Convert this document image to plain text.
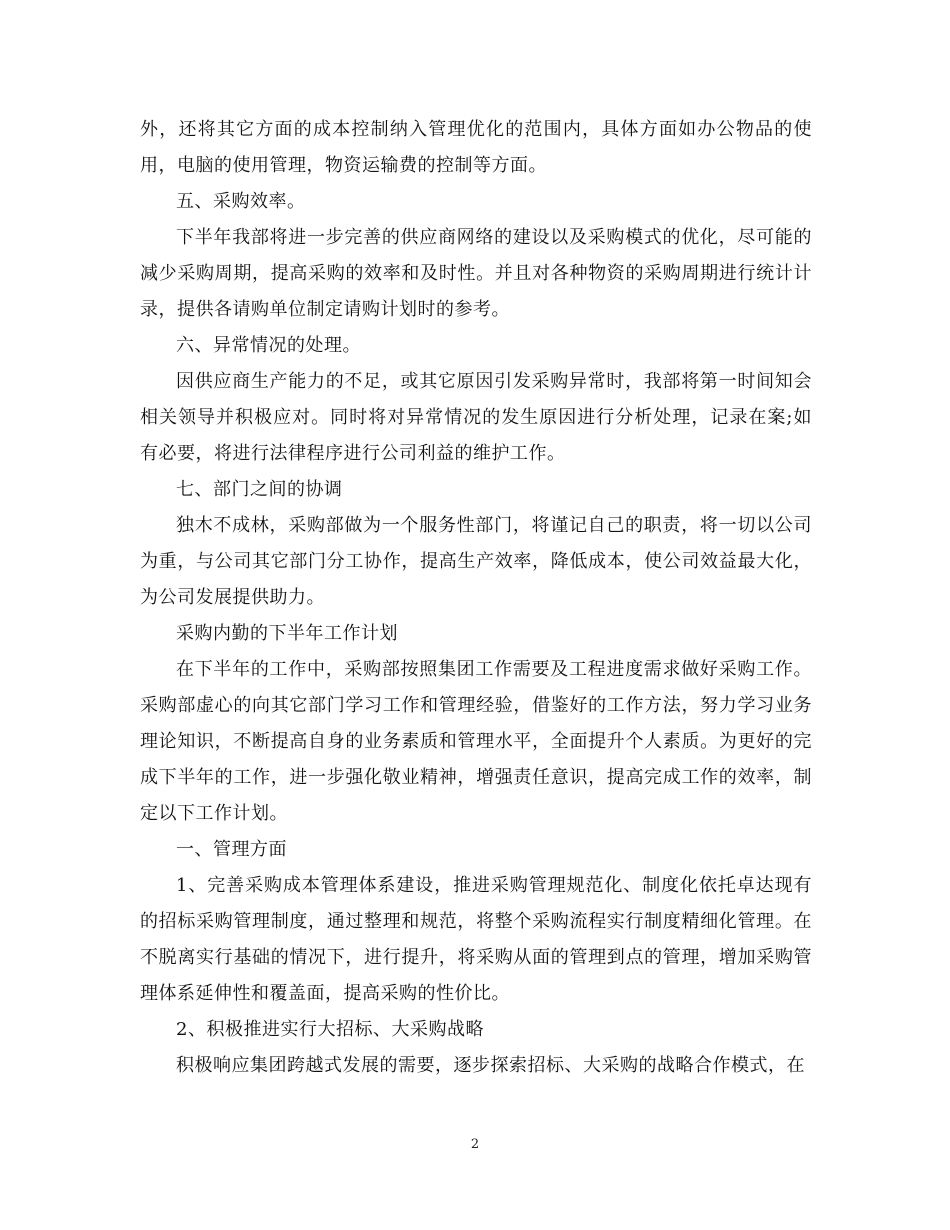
外，还将其它方面的成本控制纳入管理优化的范围内，具体方面如办公物品的使用，电脑的使用管理，物资运输费的控制等方面。

五、采购效率。

下半年我部将进一步完善的供应商网络的建设以及采购模式的优化，尽可能的减少采购周期，提高采购的效率和及时性。并且对各种物资的采购周期进行统计计录，提供各请购单位制定请购计划时的参考。

六、异常情况的处理。

因供应商生产能力的不足，或其它原因引发采购异常时，我部将第一时间知会相关领导并积极应对。同时将对异常情况的发生原因进行分析处理，记录在案;如有必要，将进行法律程序进行公司利益的维护工作。

七、部门之间的协调

独木不成林，采购部做为一个服务性部门，将谨记自己的职责，将一切以公司为重，与公司其它部门分工协作，提高生产效率，降低成本，使公司效益最大化，为公司发展提供助力。

采购内勤的下半年工作计划

在下半年的工作中，采购部按照集团工作需要及工程进度需求做好采购工作。采购部虚心的向其它部门学习工作和管理经验，借鉴好的工作方法，努力学习业务理论知识，不断提高自身的业务素质和管理水平，全面提升个人素质。为更好的完成下半年的工作，进一步强化敬业精神，增强责任意识，提高完成工作的效率，制定以下工作计划。

一、管理方面

1、完善采购成本管理体系建设，推进采购管理规范化、制度化依托卓达现有的招标采购管理制度，通过整理和规范，将整个采购流程实行制度精细化管理。在不脱离实行基础的情况下，进行提升，将采购从面的管理到点的管理，增加采购管理体系延伸性和覆盖面，提高采购的性价比。

2、积极推进实行大招标、大采购战略

积极响应集团跨越式发展的需要，逐步探索招标、大采购的战略合作模式，在

2
